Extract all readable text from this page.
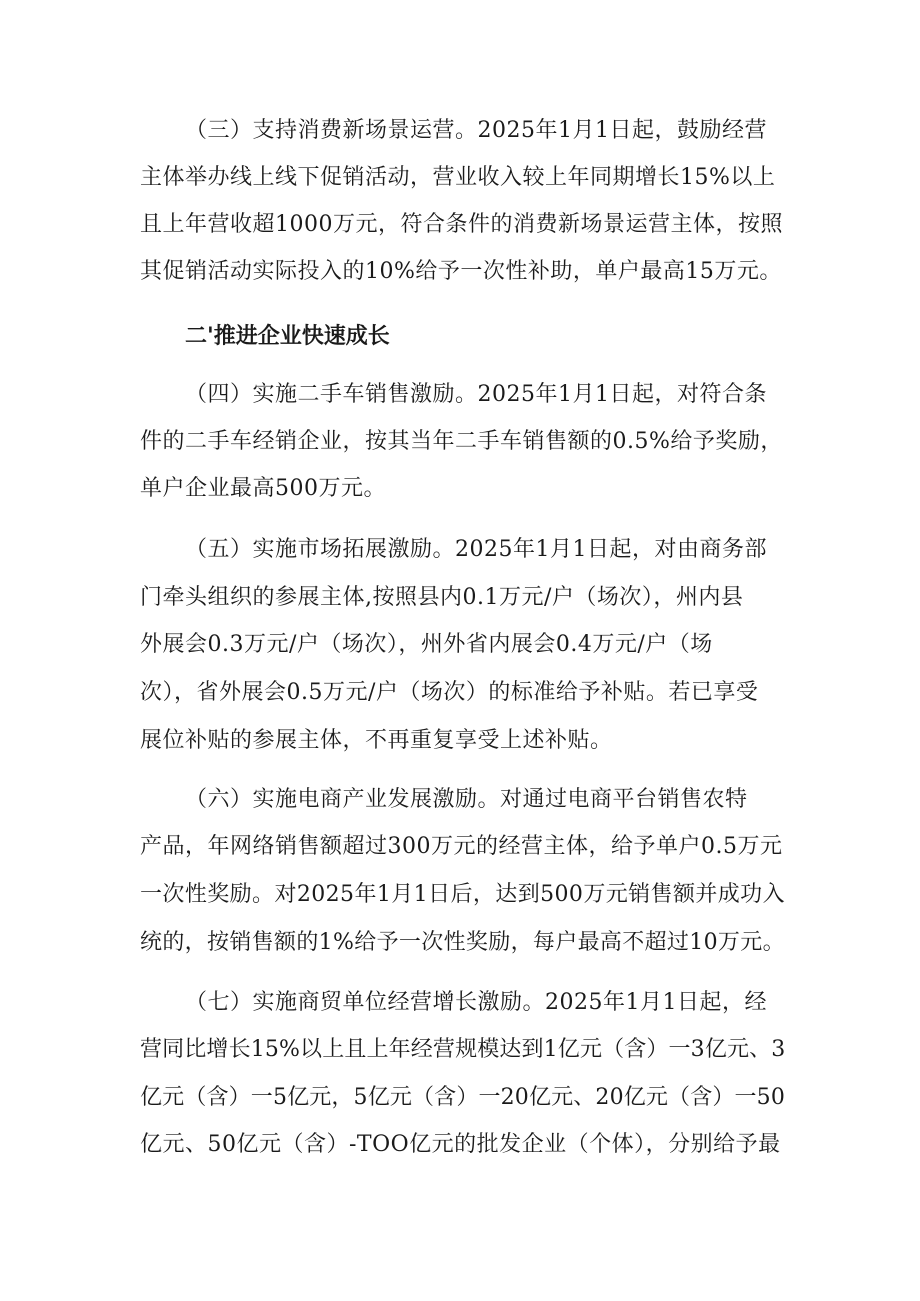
（三）支持消费新场景运营。2025年1月1日起，鼓励经营
主体举办线上线下促销活动，营业收入较上年同期增长15%以上
且上年营收超1000万元，符合条件的消费新场景运营主体，按照
其促销活动实际投入的10%给予一次性补助，单户最高15万元。
二'推进企业快速成长
（四）实施二手车销售激励。2025年1月1日起，对符合条
件的二手车经销企业，按其当年二手车销售额的0.5%给予奖励，
单户企业最高500万元。
（五）实施市场拓展激励。2025年1月1日起，对由商务部
门牵头组织的参展主体,按照县内0.1万元/户（场次），州内县
外展会0.3万元/户（场次），州外省内展会0.4万元/户（场
次），省外展会0.5万元/户（场次）的标准给予补贴。若已享受
展位补贴的参展主体，不再重复享受上述补贴。
（六）实施电商产业发展激励。对通过电商平台销售农特
产品，年网络销售额超过300万元的经营主体，给予单户0.5万元
一次性奖励。对2025年1月1日后，达到500万元销售额并成功入
统的，按销售额的1%给予一次性奖励，每户最高不超过10万元。
（七）实施商贸单位经营增长激励。2025年1月1日起，经
营同比增长15%以上且上年经营规模达到1亿元（含）一3亿元、3
亿元（含）一5亿元，5亿元（含）一20亿元、20亿元（含）一50
亿元、50亿元（含）-TOO亿元的批发企业（个体），分别给予最
